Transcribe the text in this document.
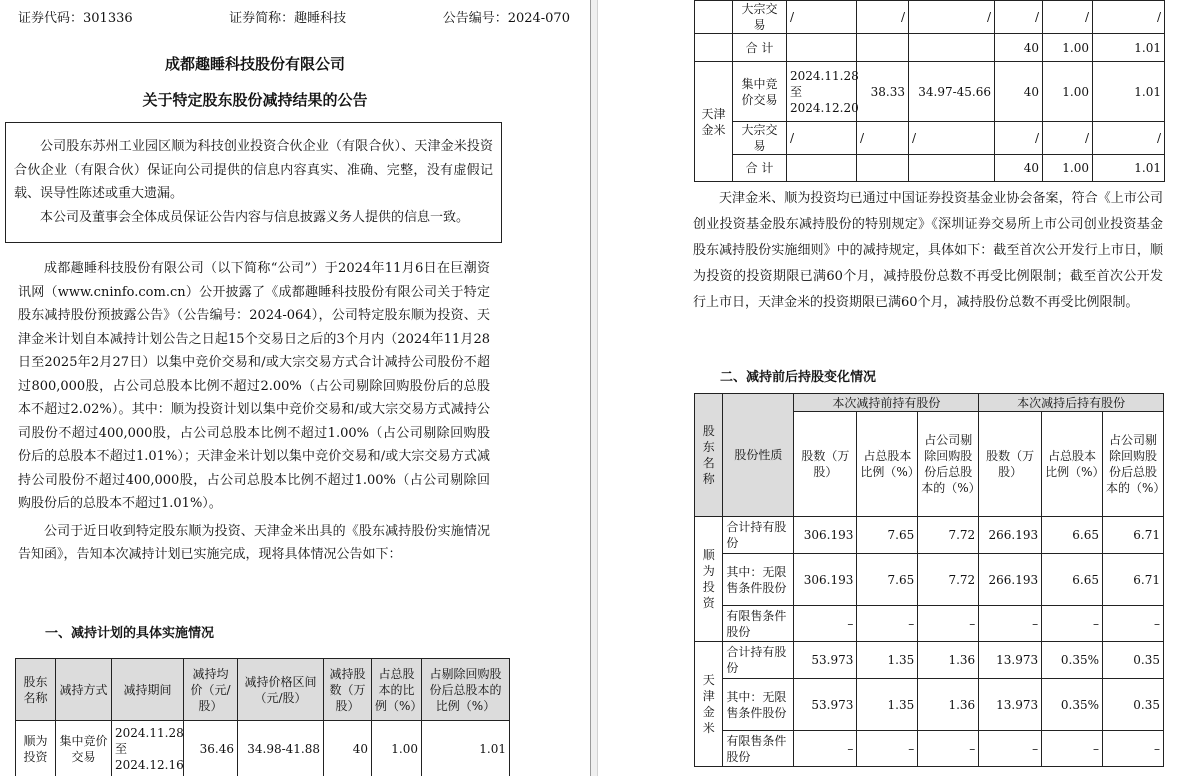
证券代码：301336	证券简称：趣睡科技	公告编号：2024-070
成都趣睡科技股份有限公司
关于特定股东股份减持结果的公告

公司股东苏州工业园区顺为科技创业投资合伙企业（有限合伙）、天津金米投资合伙企业（有限合伙）保证向公司提供的信息内容真实、准确、完整，没有虚假记载、误导性陈述或重大遗漏。

本公司及董事会全体成员保证公告内容与信息披露义务人提供的信息一致。

成都趣睡科技股份有限公司（以下简称“公司”）于2024年11月6日在巨潮资讯网（www.cninfo.com.cn）公开披露了《成都趣睡科技股份有限公司关于特定股东减持股份预披露公告》（公告编号：2024-064），公司特定股东顺为投资、天津金米计划自本减持计划公告之日起15个交易日之后的3个月内（2024年11月28日至2025年2月27日）以集中竞价交易和/或大宗交易方式合计减持公司股份不超过800,000股，占公司总股本比例不超过2.00%（占公司剔除回购股份后的总股本不超过2.02%）。其中：顺为投资计划以集中竞价交易和/或大宗交易方式减持公司股份不超过400,000股，占公司总股本比例不超过1.00%（占公司剔除回购股份后的总股本不超过1.01%）；天津金米计划以集中竞价交易和/或大宗交易方式减持公司股份不超过400,000股，占公司总股本比例不超过1.00%（占公司剔除回购股份后的总股本不超过1.01%）。

公司于近日收到特定股东顺为投资、天津金米出具的《股东减持股份实施情况告知函》，告知本次减持计划已实施完成，现将具体情况公告如下：

一、减持计划的具体实施情况
股东名称	减持方式	减持期间	减持均价（元/股）	减持价格区间（元/股）	减持股数（万股）	占总股本的比例（%）	占剔除回购股份后总股本的比例（%）
顺为投资	集中竞价交易	2024.11.28至2024.12.16	36.46	34.98-41.88	40	1.00	1.01
	大宗交易	/	/	/	/	/	/
	合 计				40	1.00	1.01
天津金米	集中竞价交易	2024.11.28至2024.12.20	38.33	34.97-45.66	40	1.00	1.01
	大宗交易	/	/	/	/	/	/
	合 计				40	1.00	1.01

天津金米、顺为投资均已通过中国证券投资基金业协会备案，符合《上市公司创业投资基金股东减持股份的特别规定》《深圳证券交易所上市公司创业投资基金股东减持股份实施细则》中的减持规定，具体如下：截至首次公开发行上市日，顺为投资的投资期限已满60个月，减持股份总数不再受比例限制；截至首次公开发行上市日，天津金米的投资期限已满60个月，减持股份总数不再受比例限制。

二、减持前后持股变化情况
股东名称	股份性质	本次减持前持有股份			本次减持后持有股份		
		股数（万股）	占总股本比例（%）	占公司剔除回购股份后总股本的（%）	股数（万股）	占总股本比例（%）	占公司剔除回购股份后总股本的（%）
顺为投资	合计持有股份	306.193	7.65	7.72	266.193	6.65	6.71
	其中：无限售条件股份	306.193	7.65	7.72	266.193	6.65	6.71
	有限售条件股份	–	–	–	–	–	–
天津金米	合计持有股份	53.973	1.35	1.36	13.973	0.35%	0.35
	其中：无限售条件股份	53.973	1.35	1.36	13.973	0.35%	0.35
	有限售条件股份	–	–	–	–	–	–
